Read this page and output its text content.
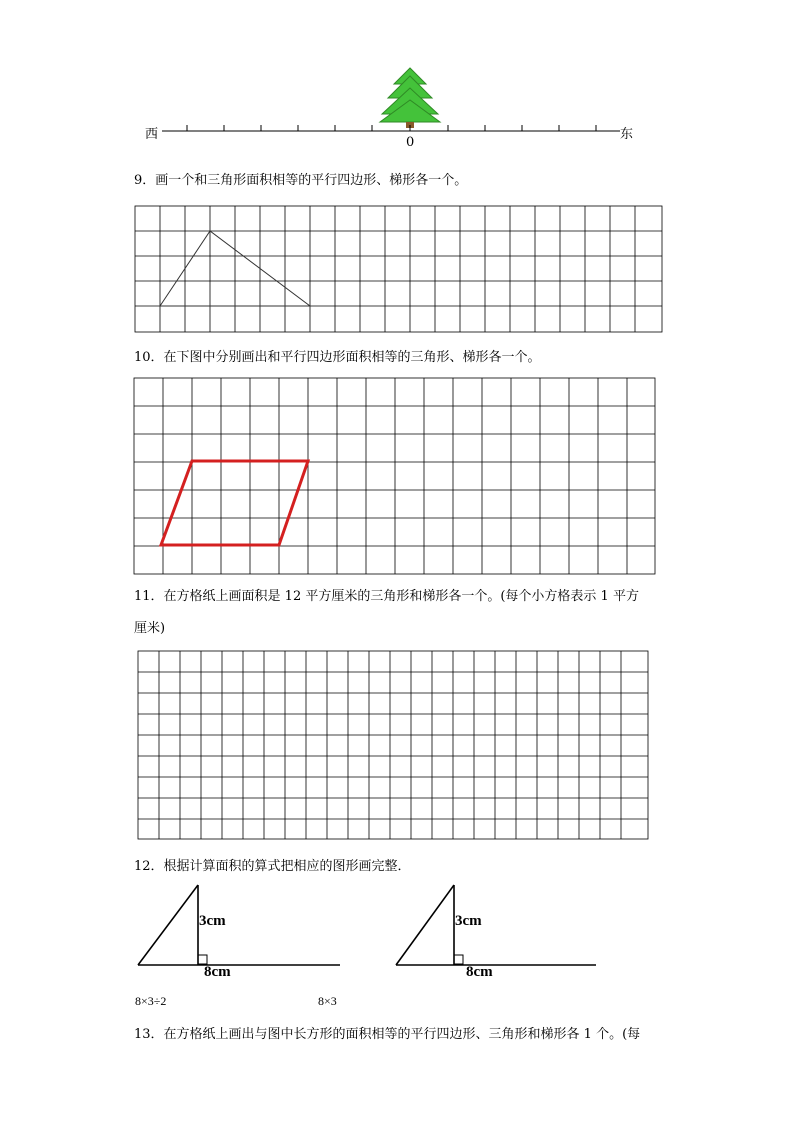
西	东
0
9．画一个和三角形面积相等的平行四边形、梯形各一个。
10．在下图中分别画出和平行四边形面积相等的三角形、梯形各一个。
11．在方格纸上画面积是 12 平方厘米的三角形和梯形各一个。(每个小方格表示 1 平方
厘米)
12．根据计算面积的算式把相应的图形画完整．
3cm
8cm
8×3÷2
3cm
8cm
8×3
13．在方格纸上画出与图中长方形的面积相等的平行四边形、三角形和梯形各 1 个。(每
